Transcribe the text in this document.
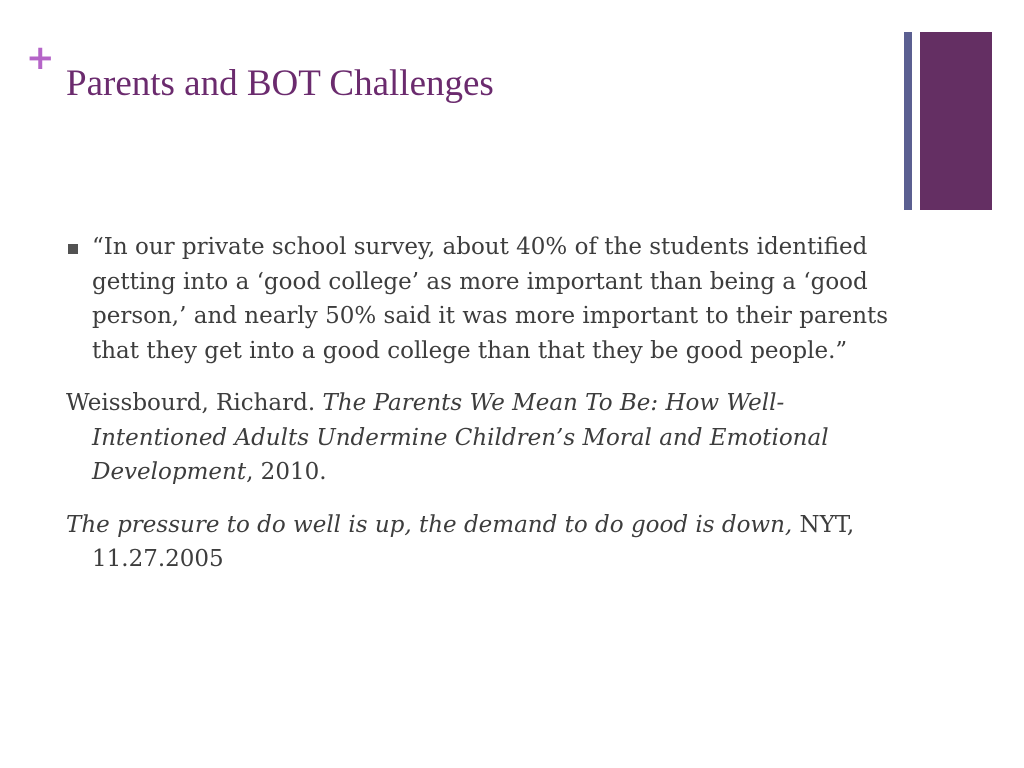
+
Parents and BOT Challenges

“In our private school survey, about 40% of the students identified getting into a ‘good college’ as more important than being a ‘good person,’ and nearly 50% said it was more important to their parents that they get into a good college than that they be good people.”

Weissbourd, Richard. The Parents We Mean To Be: How Well-Intentioned Adults Undermine Children’s Moral and Emotional Development, 2010.

The pressure to do well is up, the demand to do good is down, NYT, 11.27.2005
